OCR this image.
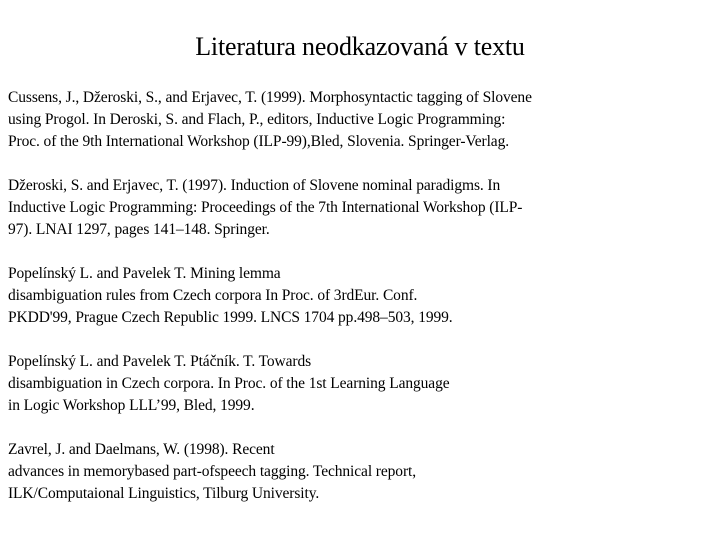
Literatura neodkazovaná v textu
Cussens, J., Džeroski, S., and Erjavec, T. (1999). Morphosyntactic tagging of Slovene
using Progol. In Deroski, S. and Flach, P., editors, Inductive Logic Programming:
Proc. of the 9th International Workshop (ILP-99),Bled, Slovenia. Springer-Verlag.
Džeroski, S. and Erjavec, T. (1997). Induction of Slovene nominal paradigms. In
Inductive Logic Programming: Proceedings of the 7th International Workshop (ILP-
97). LNAI 1297, pages 141–148. Springer.
Popelínský L. and Pavelek T. Mining lemma
disambiguation rules from Czech corpora In Proc. of 3rdEur. Conf.
PKDD'99, Prague Czech Republic 1999. LNCS 1704 pp.498–503, 1999.
Popelínský L. and Pavelek T. Ptáčník. T. Towards
disambiguation in Czech corpora. In Proc. of the 1st Learning Language
in Logic Workshop LLL’99, Bled, 1999.
Zavrel, J. and Daelmans, W. (1998). Recent
advances in memorybased part-ofspeech tagging. Technical report,
ILK/Computaional Linguistics, Tilburg University.
